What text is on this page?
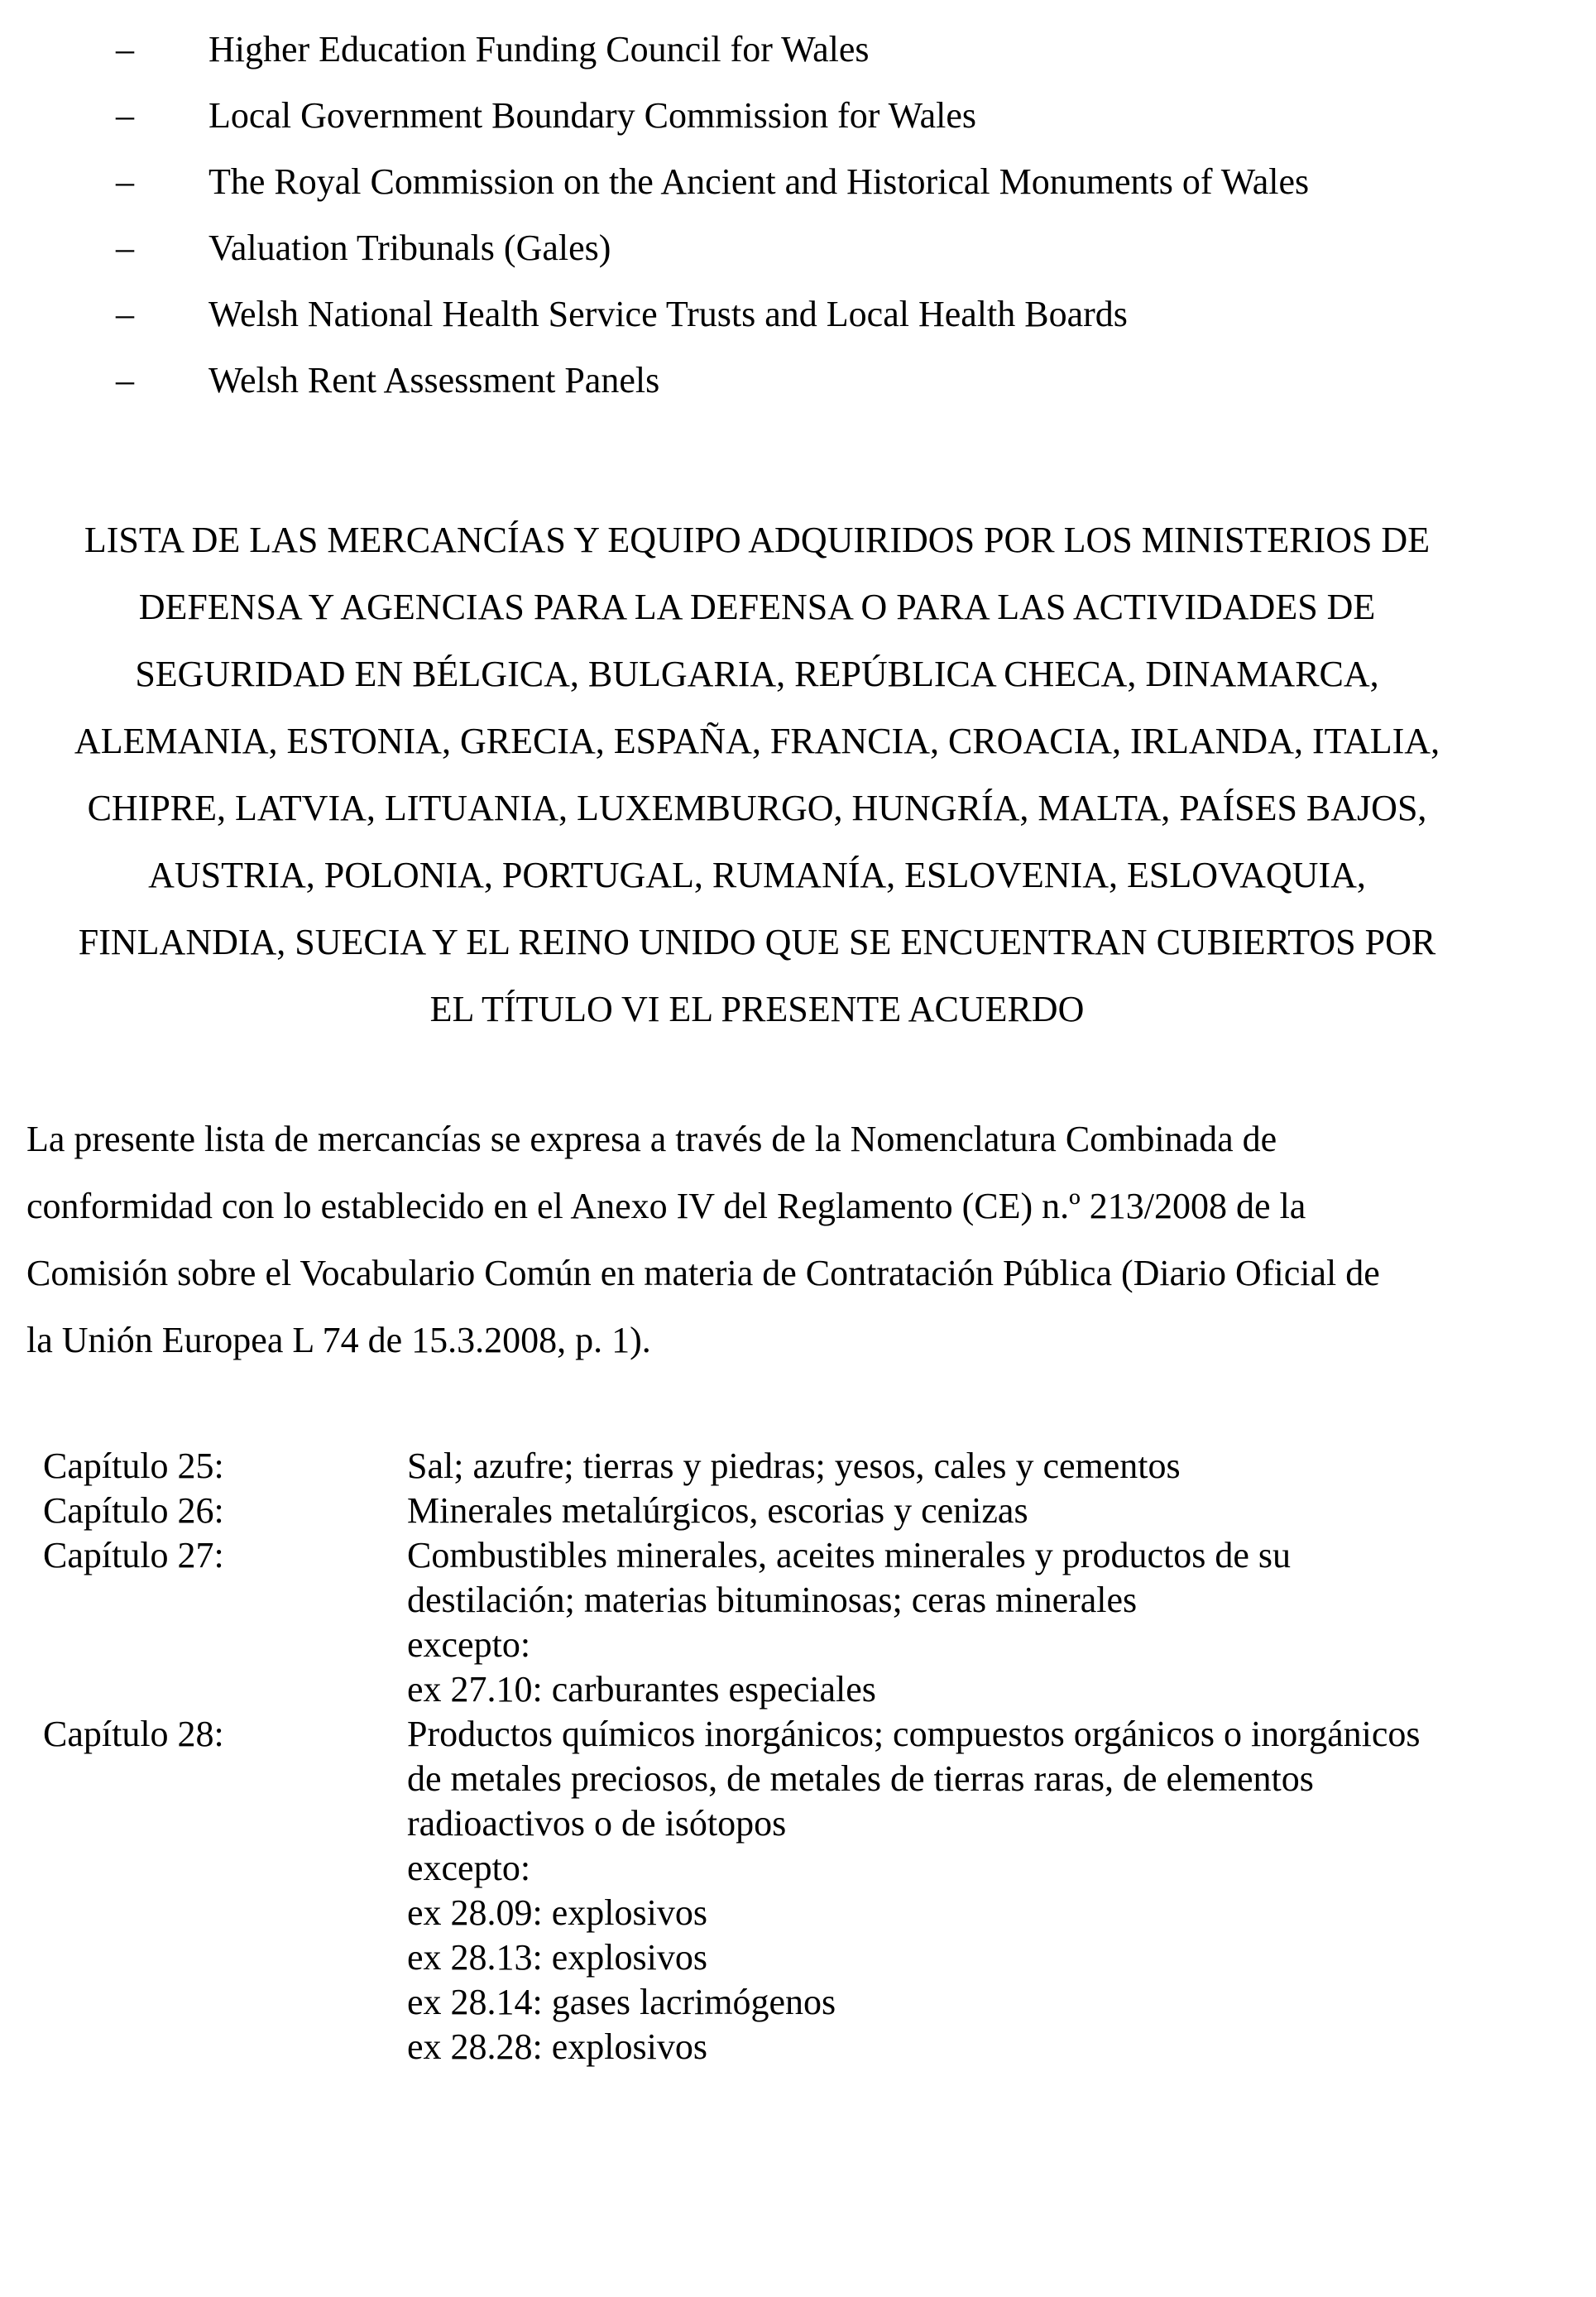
– Higher Education Funding Council for Wales
– Local Government Boundary Commission for Wales
– The Royal Commission on the Ancient and Historical Monuments of Wales
– Valuation Tribunals (Gales)
– Welsh National Health Service Trusts and Local Health Boards
– Welsh Rent Assessment Panels
LISTA DE LAS MERCANCÍAS Y EQUIPO ADQUIRIDOS POR LOS MINISTERIOS DE
DEFENSA Y AGENCIAS PARA LA DEFENSA O PARA LAS ACTIVIDADES DE
SEGURIDAD EN BÉLGICA, BULGARIA, REPÚBLICA CHECA, DINAMARCA,
ALEMANIA, ESTONIA, GRECIA, ESPAÑA, FRANCIA, CROACIA, IRLANDA, ITALIA,
CHIPRE, LATVIA, LITUANIA, LUXEMBURGO, HUNGRÍA, MALTA, PAÍSES BAJOS,
AUSTRIA, POLONIA, PORTUGAL, RUMANÍA, ESLOVENIA, ESLOVAQUIA,
FINLANDIA, SUECIA Y EL REINO UNIDO QUE SE ENCUENTRAN CUBIERTOS POR
EL TÍTULO VI EL PRESENTE ACUERDO

La presente lista de mercancías se expresa a través de la Nomenclatura Combinada de
conformidad con lo establecido en el Anexo IV del Reglamento (CE) n.º 213/2008 de la
Comisión sobre el Vocabulario Común en materia de Contratación Pública (Diario Oficial de
la Unión Europea L 74 de 15.3.2008, p. 1).

Capítulo 25:	Sal; azufre; tierras y piedras; yesos, cales y cementos
Capítulo 26:	Minerales metalúrgicos, escorias y cenizas
Capítulo 27:	Combustibles minerales, aceites minerales y productos de su
destilación; materias bituminosas; ceras minerales
excepto:
ex 27.10: carburantes especiales
Capítulo 28:	Productos químicos inorgánicos; compuestos orgánicos o inorgánicos
de metales preciosos, de metales de tierras raras, de elementos
radioactivos o de isótopos
excepto:
ex 28.09: explosivos
ex 28.13: explosivos
ex 28.14: gases lacrimógenos
ex 28.28: explosivos
